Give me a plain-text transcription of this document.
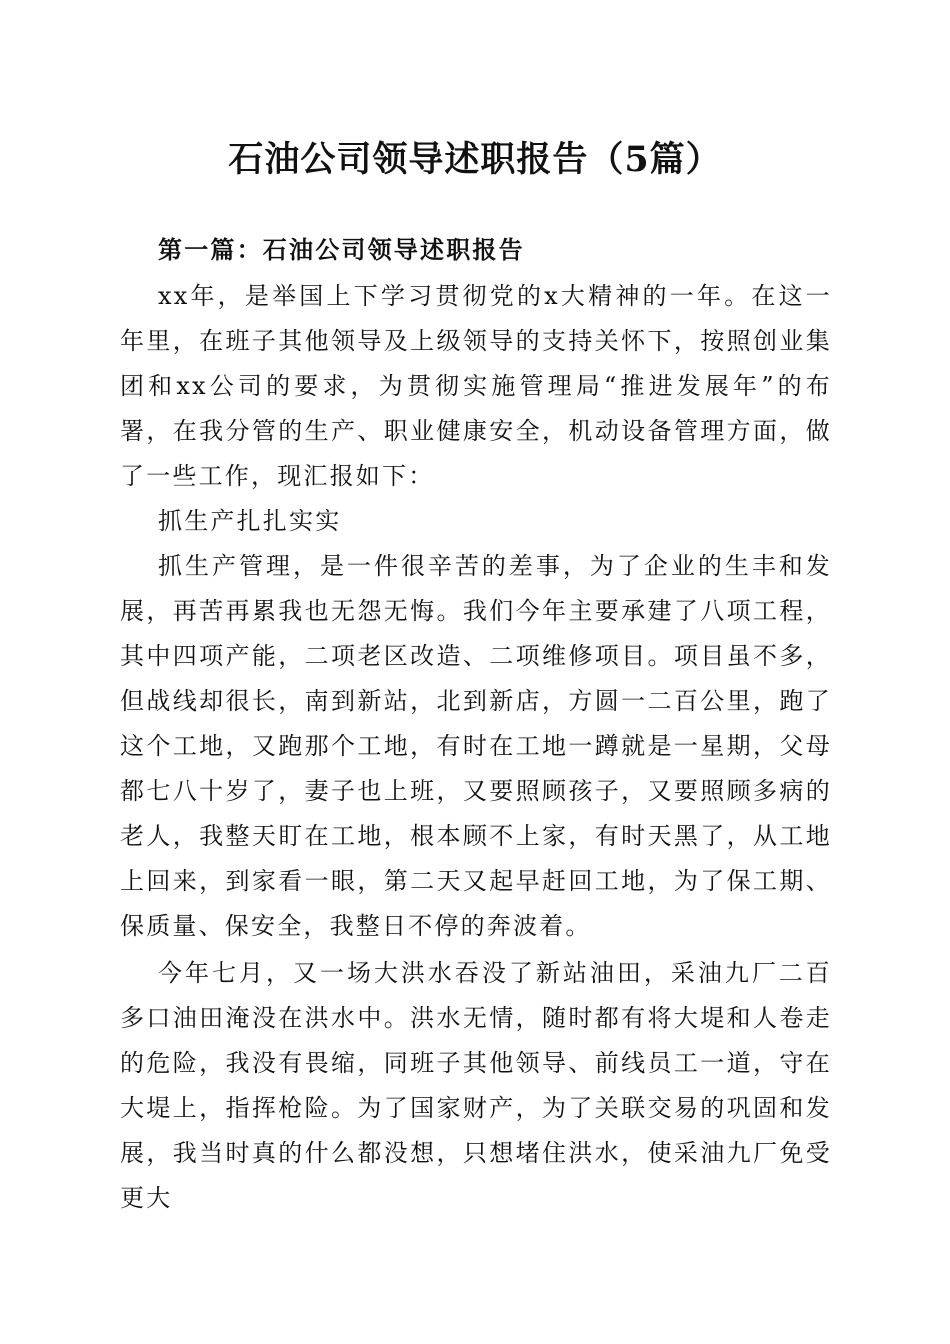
石油公司领导述职报告（5篇）

第一篇：石油公司领导述职报告

xx年，是举国上下学习贯彻党的x大精神的一年。在这一年里，在班子其他领导及上级领导的支持关怀下，按照创业集团和xx公司的要求，为贯彻实施管理局“推进发展年”的布署，在我分管的生产、职业健康安全，机动设备管理方面，做了一些工作，现汇报如下：

抓生产扎扎实实

抓生产管理，是一件很辛苦的差事，为了企业的生丰和发展，再苦再累我也无怨无悔。我们今年主要承建了八项工程，其中四项产能，二项老区改造、二项维修项目。项目虽不多，但战线却很长，南到新站，北到新店，方圆一二百公里，跑了这个工地，又跑那个工地，有时在工地一蹲就是一星期，父母都七八十岁了，妻子也上班，又要照顾孩子，又要照顾多病的老人，我整天盯在工地，根本顾不上家，有时天黑了，从工地上回来，到家看一眼，第二天又起早赶回工地，为了保工期、保质量、保安全，我整日不停的奔波着。

今年七月，又一场大洪水吞没了新站油田，采油九厂二百多口油田淹没在洪水中。洪水无情，随时都有将大堤和人卷走的危险，我没有畏缩，同班子其他领导、前线员工一道，守在大堤上，指挥枪险。为了国家财产，为了关联交易的巩固和发展，我当时真的什么都没想，只想堵住洪水，使采油九厂免受更大
